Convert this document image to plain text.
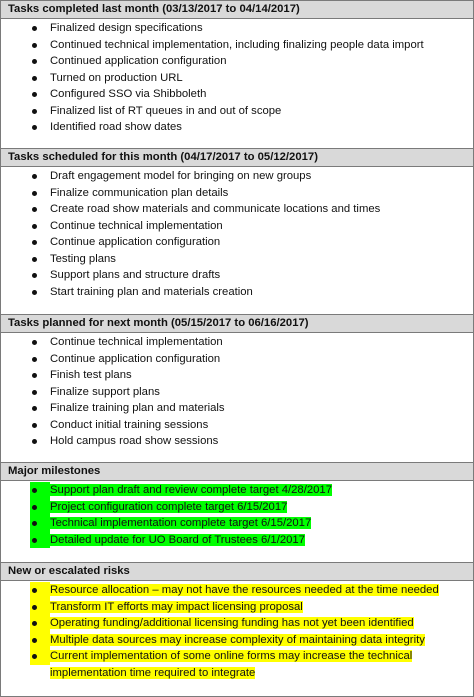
Tasks completed last month (03/13/2017 to 04/14/2017)
Finalized design specifications
Continued technical implementation, including finalizing people data import
Continued application configuration
Turned on production URL
Configured SSO via Shibboleth
Finalized list of RT queues in and out of scope
Identified road show dates
Tasks scheduled for this month (04/17/2017 to 05/12/2017)
Draft engagement model for bringing on new groups
Finalize communication plan details
Create road show materials and communicate locations and times
Continue technical implementation
Continue application configuration
Testing plans
Support plans and structure drafts
Start training plan and materials creation
Tasks planned for next month (05/15/2017 to 06/16/2017)
Continue technical implementation
Continue application configuration
Finish test plans
Finalize support plans
Finalize training plan and materials
Conduct initial training sessions
Hold campus road show sessions
Major milestones
Support plan draft and review complete target 4/28/2017
Project configuration complete target 6/15/2017
Technical implementation complete target 6/15/2017
Detailed update for UO Board of Trustees 6/1/2017
New or escalated risks
Resource allocation – may not have the resources needed at the time needed
Transform IT efforts may impact licensing proposal
Operating funding/additional licensing funding has not yet been identified
Multiple data sources may increase complexity of maintaining data integrity
Current implementation of some online forms may increase the technical
implementation time required to integrate
